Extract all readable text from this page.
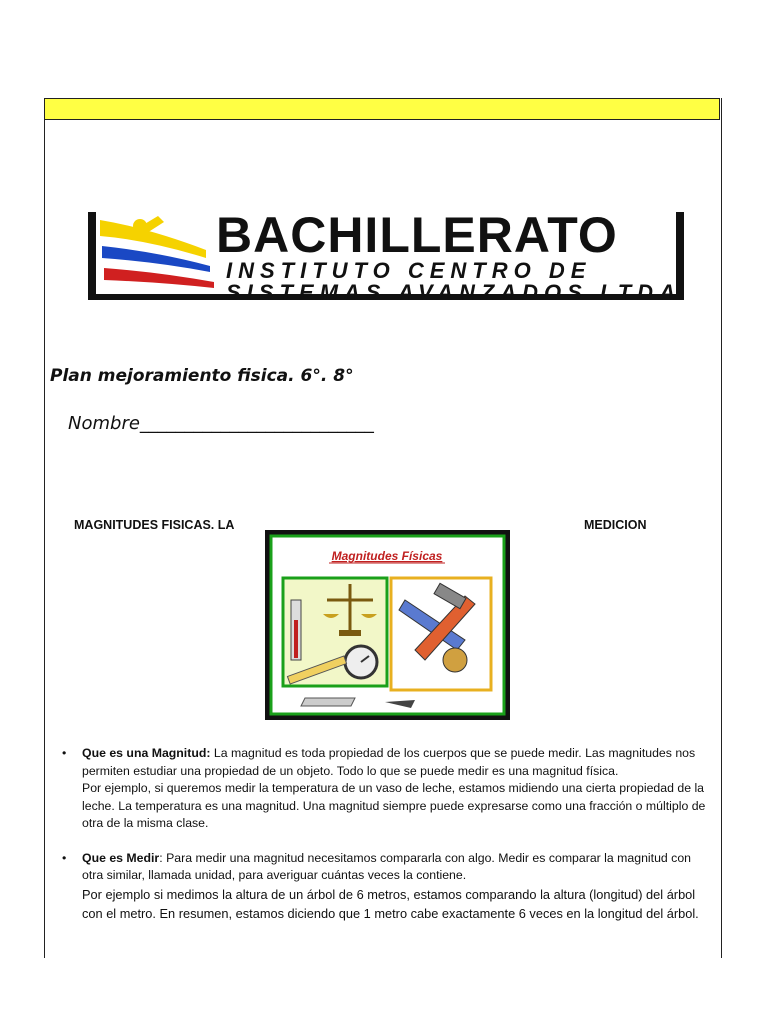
BACHILLERATO
INSTITUTO CENTRO DE
SISTEMAS AVANZADOS LTDA
Plan mejoramiento fisica. 6°. 8°
Nombre__________________________
MAGNITUDES FISICAS. LA	MEDICION
Magnitudes Físicas
• Que es una Magnitud: La magnitud es toda propiedad de los cuerpos que se puede medir. Las magnitudes nos permiten estudiar una propiedad de un objeto. Todo lo que se puede medir es una magnitud física.
Por ejemplo, si queremos medir la temperatura de un vaso de leche, estamos midiendo una cierta propiedad de la leche. La temperatura es una magnitud. Una magnitud siempre puede expresarse como una fracción o múltiplo de otra de la misma clase.
• Que es Medir: Para medir una magnitud necesitamos compararla con algo. Medir es comparar la magnitud con otra similar, llamada unidad, para averiguar cuántas veces la contiene.
Por ejemplo si medimos la altura de un árbol de 6 metros, estamos comparando la altura (longitud) del árbol con el metro. En resumen, estamos diciendo que 1 metro cabe exactamente 6 veces en la longitud del árbol.
